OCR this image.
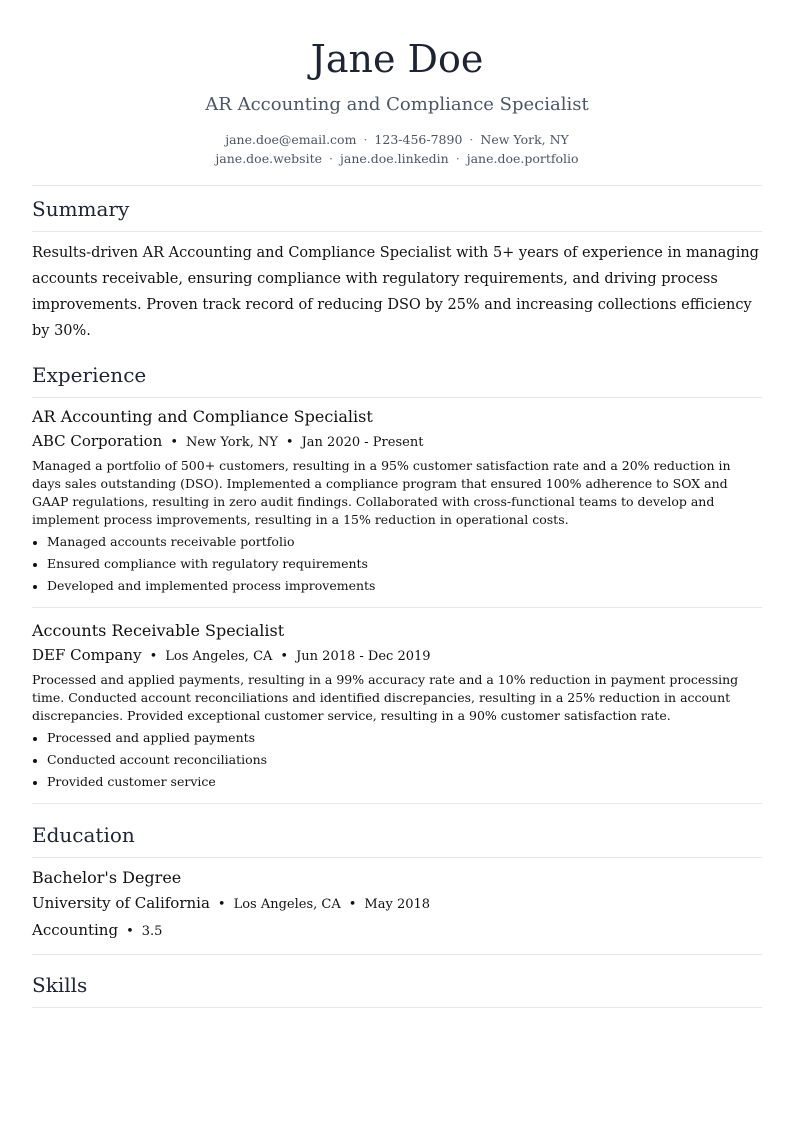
Jane Doe
AR Accounting and Compliance Specialist
jane.doe@email.com · 123-456-7890 · New York, NY
jane.doe.website · jane.doe.linkedin · jane.doe.portfolio
Summary
Results-driven AR Accounting and Compliance Specialist with 5+ years of experience in managing accounts receivable, ensuring compliance with regulatory requirements, and driving process improvements. Proven track record of reducing DSO by 25% and increasing collections efficiency by 30%.
Experience
AR Accounting and Compliance Specialist
ABC Corporation • New York, NY • Jan 2020 - Present
Managed a portfolio of 500+ customers, resulting in a 95% customer satisfaction rate and a 20% reduction in days sales outstanding (DSO). Implemented a compliance program that ensured 100% adherence to SOX and GAAP regulations, resulting in zero audit findings. Collaborated with cross-functional teams to develop and implement process improvements, resulting in a 15% reduction in operational costs.
Managed accounts receivable portfolio
Ensured compliance with regulatory requirements
Developed and implemented process improvements
Accounts Receivable Specialist
DEF Company • Los Angeles, CA • Jun 2018 - Dec 2019
Processed and applied payments, resulting in a 99% accuracy rate and a 10% reduction in payment processing time. Conducted account reconciliations and identified discrepancies, resulting in a 25% reduction in account discrepancies. Provided exceptional customer service, resulting in a 90% customer satisfaction rate.
Processed and applied payments
Conducted account reconciliations
Provided customer service
Education
Bachelor's Degree
University of California • Los Angeles, CA • May 2018
Accounting • 3.5
Skills
